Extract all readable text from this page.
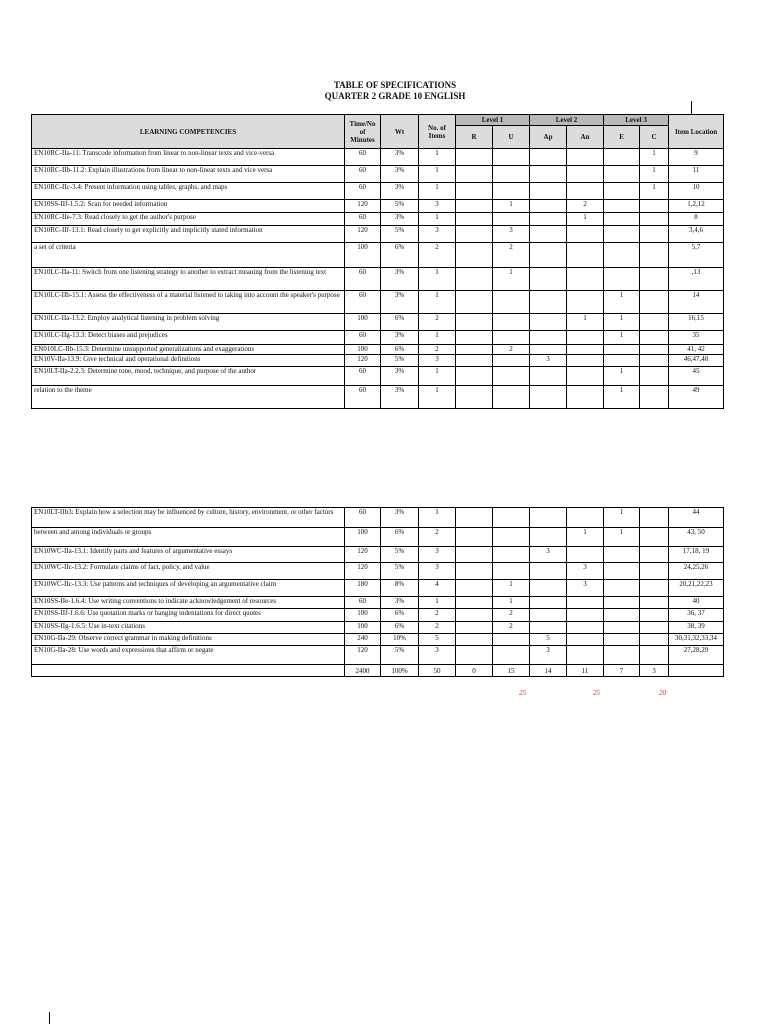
TABLE OF SPECIFICATIONS
QUARTER 2 GRADE 10 ENGLISH
LEARNING COMPETENCIES	Time/No of Minutes	Wt	No. of Items	Level 1		Level 2		Level 3		Item Location
				R	U	Ap	An	E	C	
EN10RC-IIa-11: Transcode information from linear to non-linear texts and vice-versa	60	3%	1						1	9
EN10RC-IIb-11.2: Explain illustrations from linear to non-linear texts and vice versa	60	3%	1						1	11
EN10RC-IIc-3.4: Present information using tables, graphs, and maps	60	3%	1						1	10
EN10SS-IIf-1.5.2: Scan for needed information	120	5%	3		1		2			1,2,12
EN10RC-IIe-7.3: Read closely to get the author's purpose	60	3%	1				1			8
EN10RC-IIf-13.1: Read closely to get explicitly and implicitly stated information	120	5%	3		3					3,4,6
a set of criteria	100	6%	2		2					5,7
EN10LC-IIa-11: Switch from one listening strategy to another to extract meaning from the listening text	60	3%	1		1					,13
EN10LC-IIb-15.1: Assess the effectiveness of a material listened to taking into account the speaker's purpose	60	3%	1					1		14
EN10LC-IIa-13.2: Employ analytical listening in problem solving	100	6%	2				1	1		16,15
EN10LC-IIg-13.3: Detect biases and prejudices	60	3%	1					1		35
EN010LC-IIb-15.3: Determine unsupported generalizations and exaggerations	100	6%	2		2					41, 42
EN10V-IIa-13.9: Give technical and operational definitions	120	5%	3			3				46,47,48
EN10LT-IIa-2.2.3: Determine tone, mood, technique, and purpose of the author	60	3%	1					1		45
relation to the theme	60	3%	1					1		49
EN10LT-IIb3: Explain how a selection may be influenced by culture, history, environment, or other factors	60	3%	1					1		44
between and among individuals or groups	100	6%	2				1	1		43, 50
EN10WC-IIa-13.1: Identify parts and features of argumentative essays	120	5%	3			3				17,18, 19
EN10WC-IIc-13.2: Formulate claims of fact, policy, and value	120	5%	3				3			24,25,26
EN10WC-IIc-13.3: Use patterns and techniques of developing an argumentative claim	180	8%	4		1		3			20,21,22,23
EN10SS-IIe-1.6.4: Use writing conventions to indicate acknowledgement of resources	60	3%	1		1					40
EN10SS-IIf-1.6.6: Use quotation marks or hanging indentations for direct quotes	100	6%	2		2					36, 37
EN10SS-IIg-1.6.5: Use in-text citations	100	6%	2		2					38, 39
EN10G-IIa-29: Observe correct grammar in making definitions	240	10%	5			5				30,31,32,33,34
EN10G-IIa-28: Use words and expressions that affirm or negate	120	5%	3			3				27,28,29
	2400	100%	50	0	15	14	11	7	3	
25	25	20
